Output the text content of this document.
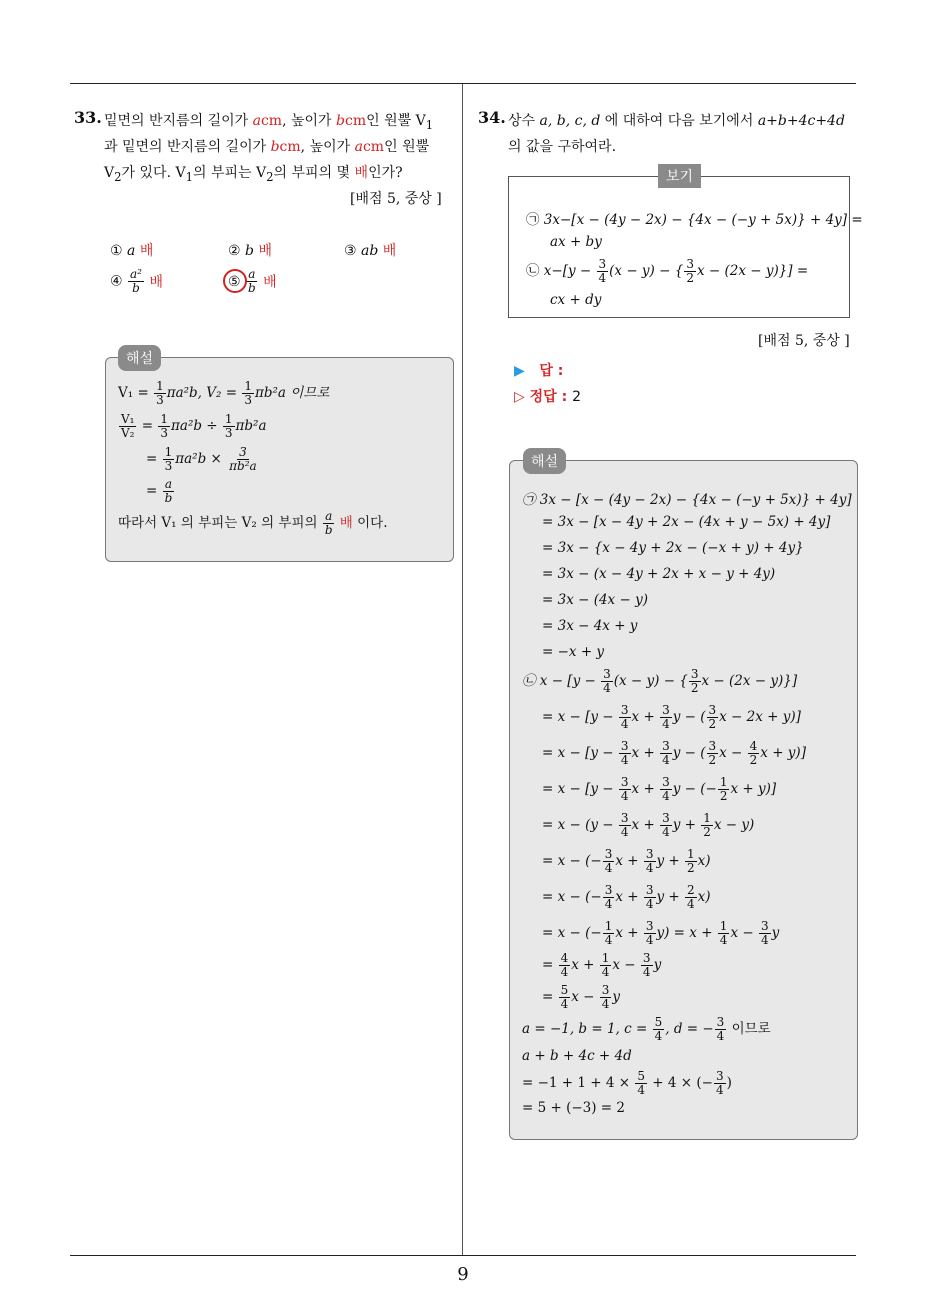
9
33. 밑면의 반지름의 길이가 acm, 높이가 bcm인 원뿔 $V_1$
과 밑면의 반지름의 길이가 bcm, 높이가 acm인 원뿔
$V_2$가 있다. $V_1$의 부피는 $V_2$의 부피의 몇 배인가?
[배점 5, 중상 ]
① a 배	② b 배	③ ab 배
④ $\frac{\text{a²}}{b}$ 배	⑤ $\frac{a}{b}$ 배
해설
$V_1 = \frac{1}{3} \pi a^2b$, $V_2 = \frac{1}{3} \pi b^2a$ 이므로
$\frac{\text{V₁}}{\text{V₂}} = \frac{1}{3} \pi a^2b \div \frac{1}{3} \pi b^2a$
= $\frac{1}{3} \pi a^2b \times \frac{3}{\text{πb²a}}$
= $\frac{a}{b}$
따라서 V₁ 의 부피는 V₂ 의 부피의 $\frac{a}{b}$ 배 이다.
34. 상수 a, b, c, d 에 대하여 다음 보기에서 a+b+4c+4d
의 값을 구하여라.
보기
㉠ 3x−[x − (4y − 2x) − {4x − (−y + 5x)} + 4y] =
ax + by
㉡ $x-[y - \frac{3}{4} (x - y)$ − { $\frac{3}{2}$ x − (2x − y)}] =
cx + dy
[배점 5, 중상 ]
▶ 답 :
▷ 정답 : 2
해설
㉠ 3x − [x − (4y − 2x) − {4x − (−y + 5x)} + 4y]
= 3x − [x − 4y + 2x − (4x + y − 5x) + 4y]
= 3x − {x − 4y + 2x − (−x + y) + 4y}
= 3x − (x − 4y + 2x + x − y + 4y)
= 3x − (4x − y)
= 3x − 4x + y
= −x + y
㉡ $x - [y - \frac{3}{4} (x - y)$ − { $\frac{3}{2}$ x − (2x − y)}]
= $x - [y - \frac{3}{4}$ $x + \frac{3}{4}$ y − ( $\frac{3}{2}$ x − 2x + y)]
= $x - [y - \frac{3}{4}$ $x + \frac{3}{4}$ y − ( $\frac{3}{2}$ $x - \frac{4}{2}$ x + y)]
= $x - [y - \frac{3}{4}$ $x + \frac{3}{4}$ y − (− $\frac{1}{2}$ x + y)]
= $x - (y - \frac{3}{4}$ $x + \frac{3}{4}$ $y + \frac{1}{2}$ x − y)
= x − (− $\frac{3}{4}$ $x + \frac{3}{4}$ $y + \frac{1}{2} x$)
= x − (− $\frac{3}{4}$ $x + \frac{3}{4}$ $y + \frac{2}{4} x$)
= x − (− $\frac{1}{4}$ $x + \frac{3}{4} y) = x + \frac{1}{4}$ $x - \frac{3}{4}$ y
= $\frac{4}{4}$ $x + \frac{1}{4}$ $x - \frac{3}{4}$ y
= $\frac{5}{4}$ $x - \frac{3}{4}$ y
a = −1, b = 1, $c = \frac{5}{4}$ , d = − $\frac{3}{4}$ 이므로
a + b + 4c + 4d
= $-1 + 1 + 4 \times \frac{5}{4} + 4$ × (− $\frac{3}{4}$ )
= 5 + (−3) = 2
